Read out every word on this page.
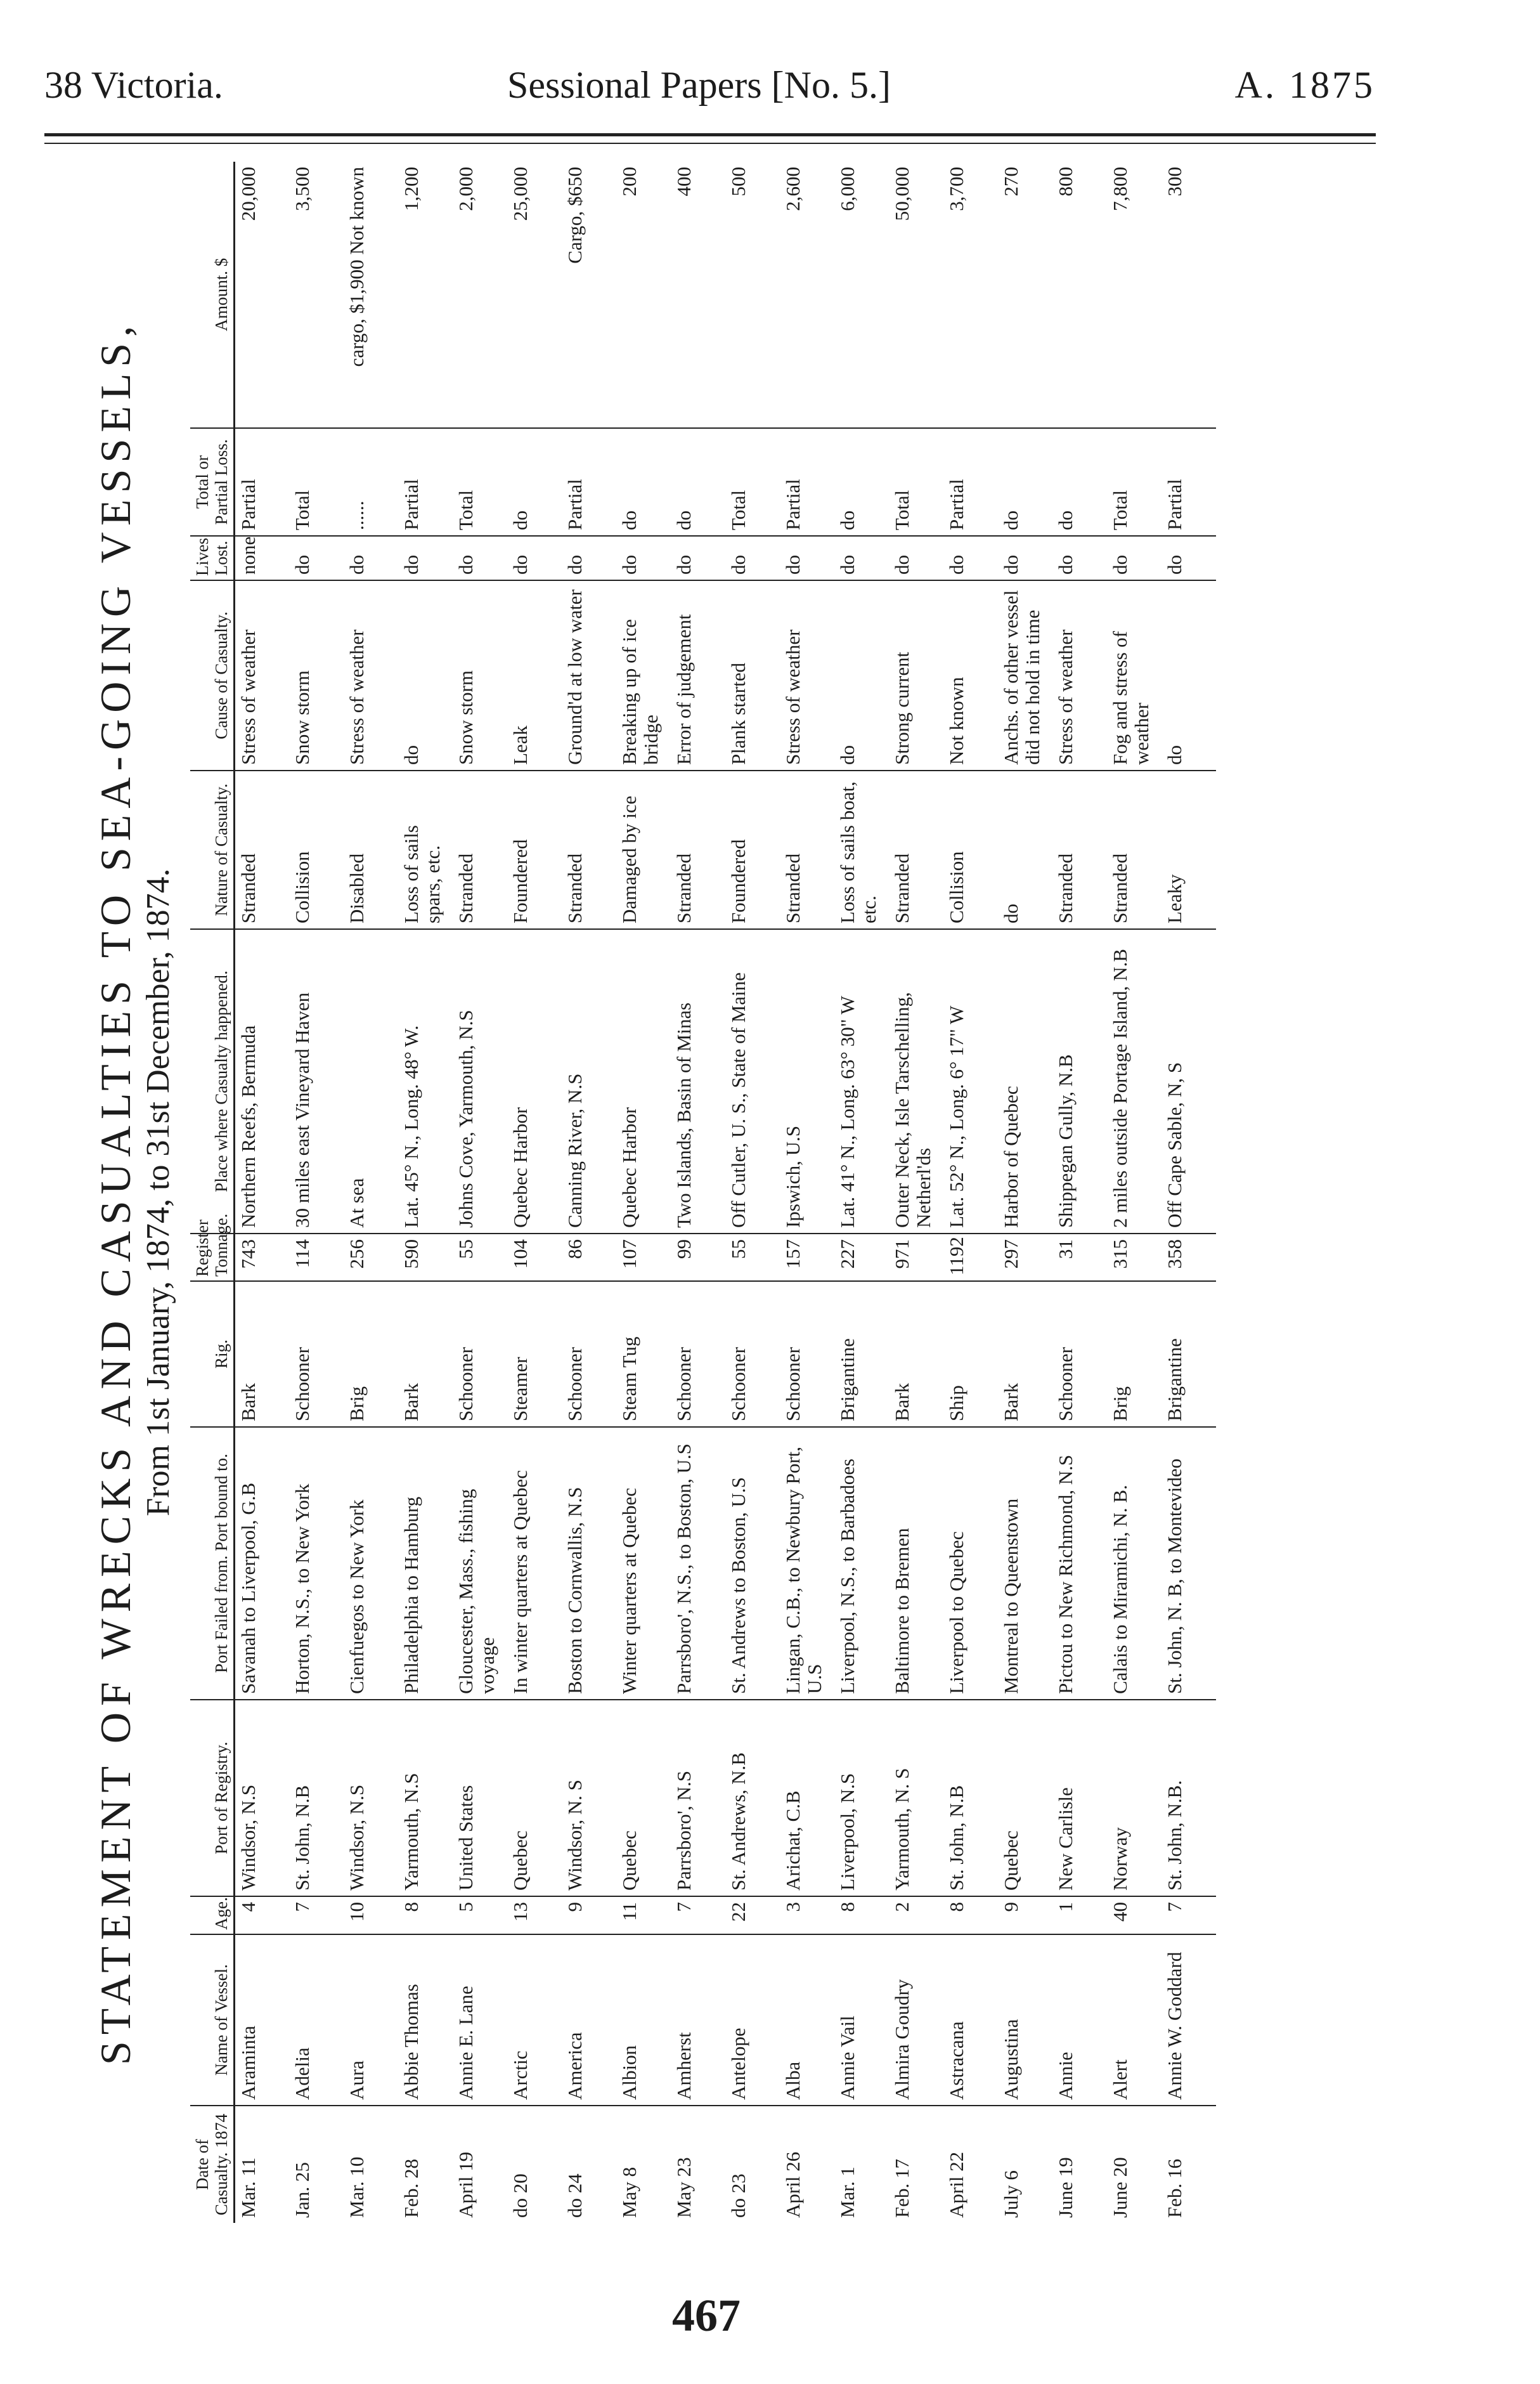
38 Victoria.	Sessional Papers [No. 5.]	A. 1875
STATEMENT OF WRECKS AND CASUALTIES TO SEA-GOING VESSELS, From 1st January, 1874, to 31st December, 1874.
Date of Casualty. 1874	Name of Vessel.	Age.	Port of Registry.	Port Failed from. Port bound to.	Rig.	Register Tonnage.	Place where Casualty happened.	Nature of Casualty.	Cause of Casualty.	Lives Lost.	Total or Partial Loss.	Amount. $
Mar. 11	Araminta	4	Windsor, N.S	Savanah to Liverpool, G.B	Bark	743	Northern Reefs, Bermuda	Stranded	Stress of weather	none	Partial	20,000
Jan. 25	Adelia	7	St. John, N.B	Horton, N.S., to New York	Schooner	114	30 miles east Vineyard Haven	Collision	Snow storm	do	Total	3,500
Mar. 10	Aura	10	Windsor, N.S	Cienfuegos to New York	Brig	256	At sea	Disabled	Stress of weather	do	......	cargo, $1,900 Not known
Feb. 28	Abbie Thomas	8	Yarmouth, N.S	Philadelphia to Hamburg	Bark	590	Lat. 45° N., Long. 48° W.	Loss of sails spars, etc.	do	do	Partial	1,200
April 19	Annie E. Lane	5	United States	Gloucester, Mass., fishing voyage	Schooner	55	Johns Cove, Yarmouth, N.S	Stranded	Snow storm	do	Total	2,000
do 20	Arctic	13	Quebec	In winter quarters at Quebec	Steamer	104	Quebec Harbor	Foundered	Leak	do	do	25,000
do 24	America	9	Windsor, N. S	Boston to Cornwallis, N.S	Schooner	86	Canning River, N.S	Stranded	Ground'd at low water	do	Partial	Cargo, $650
May 8	Albion	11	Quebec	Winter quarters at Quebec	Steam Tug	107	Quebec Harbor	Damaged by ice	Breaking up of ice bridge	do	do	200
May 23	Amherst	7	Parrsboro', N.S	Parrsboro', N.S., to Boston, U.S	Schooner	99	Two Islands, Basin of Minas	Stranded	Error of judgement	do	do	400
do 23	Antelope	22	St. Andrews, N.B	St. Andrews to Boston, U.S	Schooner	55	Off Cutler, U. S., State of Maine	Foundered	Plank started	do	Total	500
April 26	Alba	3	Arichat, C.B	Lingan, C.B., to Newbury Port, U.S	Schooner	157	Ipswich, U.S	Stranded	Stress of weather	do	Partial	2,600
Mar. 1	Annie Vail	8	Liverpool, N.S	Liverpool, N.S., to Barbadoes	Brigantine	227	Lat. 41° N., Long. 63° 30" W	Loss of sails boat, etc.	do	do	do	6,000
Feb. 17	Almira Goudry	2	Yarmouth, N. S	Baltimore to Bremen	Bark	971	Outer Neck, Isle Tarschelling, Netherl'ds	Stranded	Strong current	do	Total	50,000
April 22	Astracana	8	St. John, N.B	Liverpool to Quebec	Ship	1192	Lat. 52° N., Long. 6° 17" W	Collision	Not known	do	Partial	3,700
July 6	Augustina	9	Quebec	Montreal to Queenstown	Bark	297	Harbor of Quebec	do	Anchs. of other vessel did not hold in time	do	do	270
June 19	Annie	1	New Carlisle	Pictou to New Richmond, N.S	Schooner	31	Shippegan Gully, N.B	Stranded	Stress of weather	do	do	800
June 20	Alert	40	Norway	Calais to Miramichi, N. B.	Brig	315	2 miles outside Portage Island, N.B	Stranded	Fog and stress of weather	do	Total	7,800
Feb. 16	Annie W. Goddard	7	St. John, N.B.	St. John, N. B, to Montevideo	Brigantine	358	Off Cape Sable, N, S	Leaky	do	do	Partial	300
467
